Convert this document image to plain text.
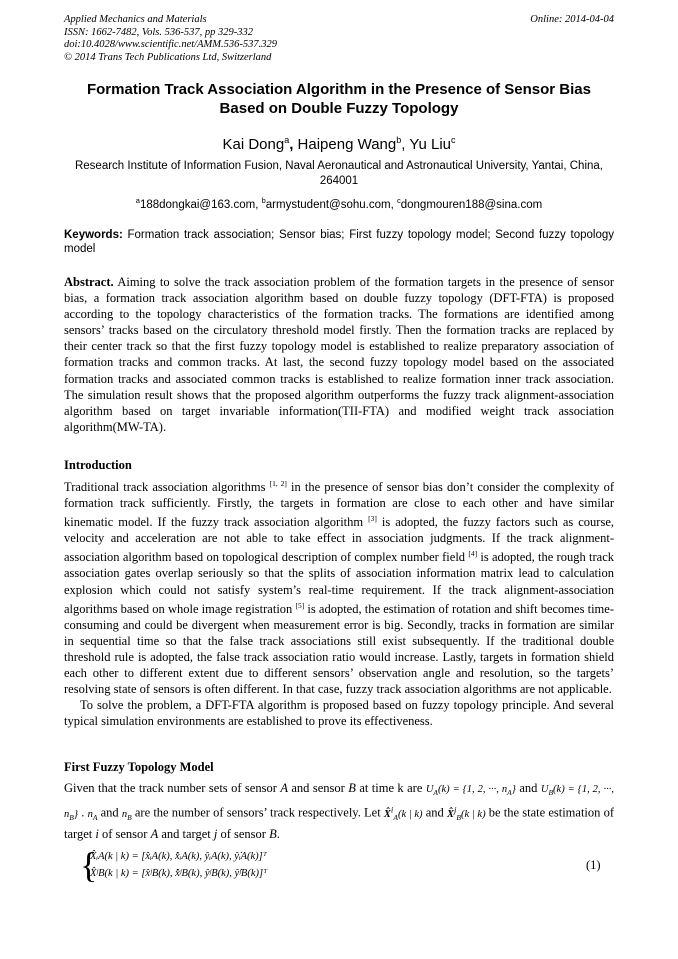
Applied Mechanics and Materials
ISSN: 1662-7482, Vols. 536-537, pp 329-332
doi:10.4028/www.scientific.net/AMM.536-537.329
© 2014 Trans Tech Publications Ltd, Switzerland
Online: 2014-04-04
Formation Track Association Algorithm in the Presence of Sensor Bias Based on Double Fuzzy Topology
Kai Dong$^a$, Haipeng Wang$^b$, Yu Liu$^c$
Research Institute of Information Fusion, Naval Aeronautical and Astronautical University, Yantai, China, 264001
$^a$188dongkai@163.com, $^b$armystudent@sohu.com, $^c$dongmouren188@sina.com
Keywords: Formation track association; Sensor bias; First fuzzy topology model; Second fuzzy topology model
Abstract. Aiming to solve the track association problem of the formation targets in the presence of sensor bias, a formation track association algorithm based on double fuzzy topology (DFT-FTA) is proposed according to the topology characteristics of the formation tracks. The formations are identified among sensors’ tracks based on the circulatory threshold model firstly. Then the formation tracks are replaced by their center track so that the first fuzzy topology model is established to realize preparatory association of formation tracks and common tracks. At last, the second fuzzy topology model based on the associated formation tracks and associated common tracks is established to realize formation inner track association. The simulation result shows that the proposed algorithm outperforms the fuzzy track alignment-association algorithm based on target invariable information(TII-FTA) and modified weight track association algorithm(MW-TA).
Introduction

Traditional track association algorithms [1, 2] in the presence of sensor bias don’t consider the complexity of formation track sufficiently. Firstly, the targets in formation are close to each other and have similar kinematic model. If the fuzzy track association algorithm [3] is adopted, the fuzzy factors such as course, velocity and acceleration are not able to take effect in association judgments. If the track alignment-association algorithm based on topological description of complex number field [4] is adopted, the rough track association gates overlap seriously so that the splits of association information matrix lead to calculation explosion which could not satisfy system’s real-time requirement. If the track alignment-association algorithms based on whole image registration [5] is adopted, the estimation of rotation and shift becomes time-consuming and could be divergent when measurement error is big. Secondly, tracks in formation are similar in sequential time so that the false track associations still exist subsequently. If the traditional double threshold rule is adopted, the false track association ratio would increase. Lastly, targets in formation shield each other to different extent due to different sensors’ observation angle and resolution, so the targets’ resolving state of sensors is often different. In that case, fuzzy track association algorithms are not applicable.

To solve the problem, a DFT-FTA algorithm is proposed based on fuzzy topology principle. And several typical simulation environments are established to prove its effectiveness.

First Fuzzy Topology Model

Given that the track number sets of sensor A and sensor B at time k are $U_A(k) = \{1$, 2, ···, $n_A$} and $U_B(k) = \{1$, 2, ···, $n_B$} . $n_A$ and $n_B$ are the number of sensors’ track respectively. Let X̂$^i_A$(k | k) and X̂$^j_B$(k | k) be the state estimation of target i of sensor A and target j of sensor B.

{
X̂ᵢA(k | k) = [x̂ᵢA(k), x̂̇ᵢA(k), ŷᵢA(k), ŷ̇ᵢA(k)]ᵀ
X̂ʲB(k | k) = [x̂ʲB(k), x̂̇ʲB(k), ŷʲB(k), ŷ̇ʲB(k)]ᵀ
(1)
